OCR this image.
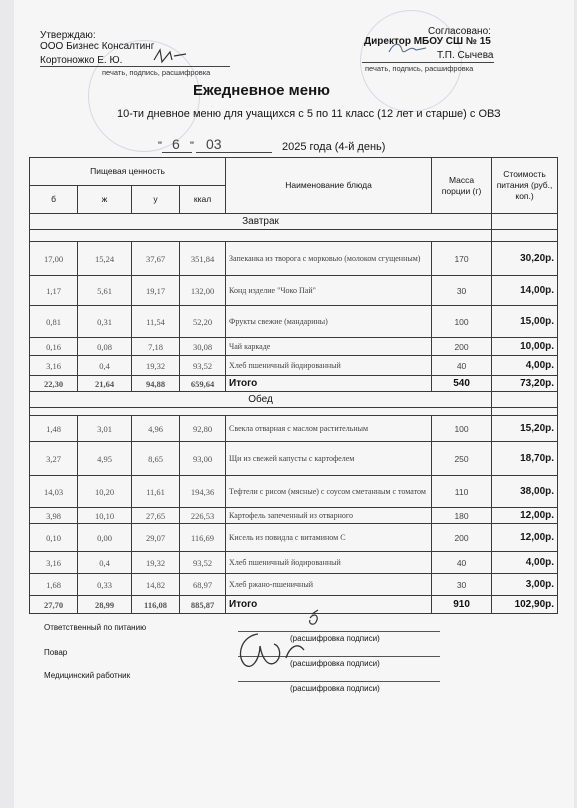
Утверждаю:
ООО Бизнес Консалтинг
Кортоножко Е. Ю.
печать, подпись, расшифровка
Согласовано:
Директор МБОУ СШ № 15
Т.П. Сычева
печать, подпись, расшифровка
Ежедневное меню
10-ти дневное меню для учащихся с 5 по 11 класс (12 лет и старше) с ОВЗ
" 6 " 03	2025 года (4-й день)
Пищевая ценность				Наименование блюда	Масса порции (г)	Стоимость питания (руб., коп.)
б	ж	у	ккал			
Завтрак						

17,00	15,24	37,67	351,84	Запеканка из творога с морковью (молоком сгущенным)	170	30,20р.
1,17	5,61	19,17	132,00	Конд изделие "Чоко Пай"	30	14,00р.
0,81	0,31	11,54	52,20	Фрукты свежие (мандарины)	100	15,00р.
0,16	0,08	7,18	30,08	Чай каркаде	200	10,00р.
3,16	0,4	19,32	93,52	Хлеб пшеничный йодированный	40	4,00р.
22,30	21,64	94,88	659,64	Итого	540	73,20р.
Обед						

1,48	3,01	4,96	92,80	Свекла отварная с маслом растительным	100	15,20р.
3,27	4,95	8,65	93,00	Щи из свежей капусты с картофелем	250	18,70р.
14,03	10,20	11,61	194,36	Тефтели с рисом (мясные) с соусом сметанным с томатом	110	38,00р.
3,98	10,10	27,65	226,53	Картофель запеченный из отварного	180	12,00р.
0,10	0,00	29,07	116,69	Кисель из повидла с витамином С	200	12,00р.
3,16	0,4	19,32	93,52	Хлеб пшеничный йодированный	40	4,00р.
1,68	0,33	14,82	68,97	Хлеб ржано-пшеничный	30	3,00р.
27,70	28,99	116,08	885,87	Итого	910	102,90р.
Ответственный по питанию
(расшифровка подписи)
Повар
(расшифровка подписи)
Медицинский работник
(расшифровка подписи)
